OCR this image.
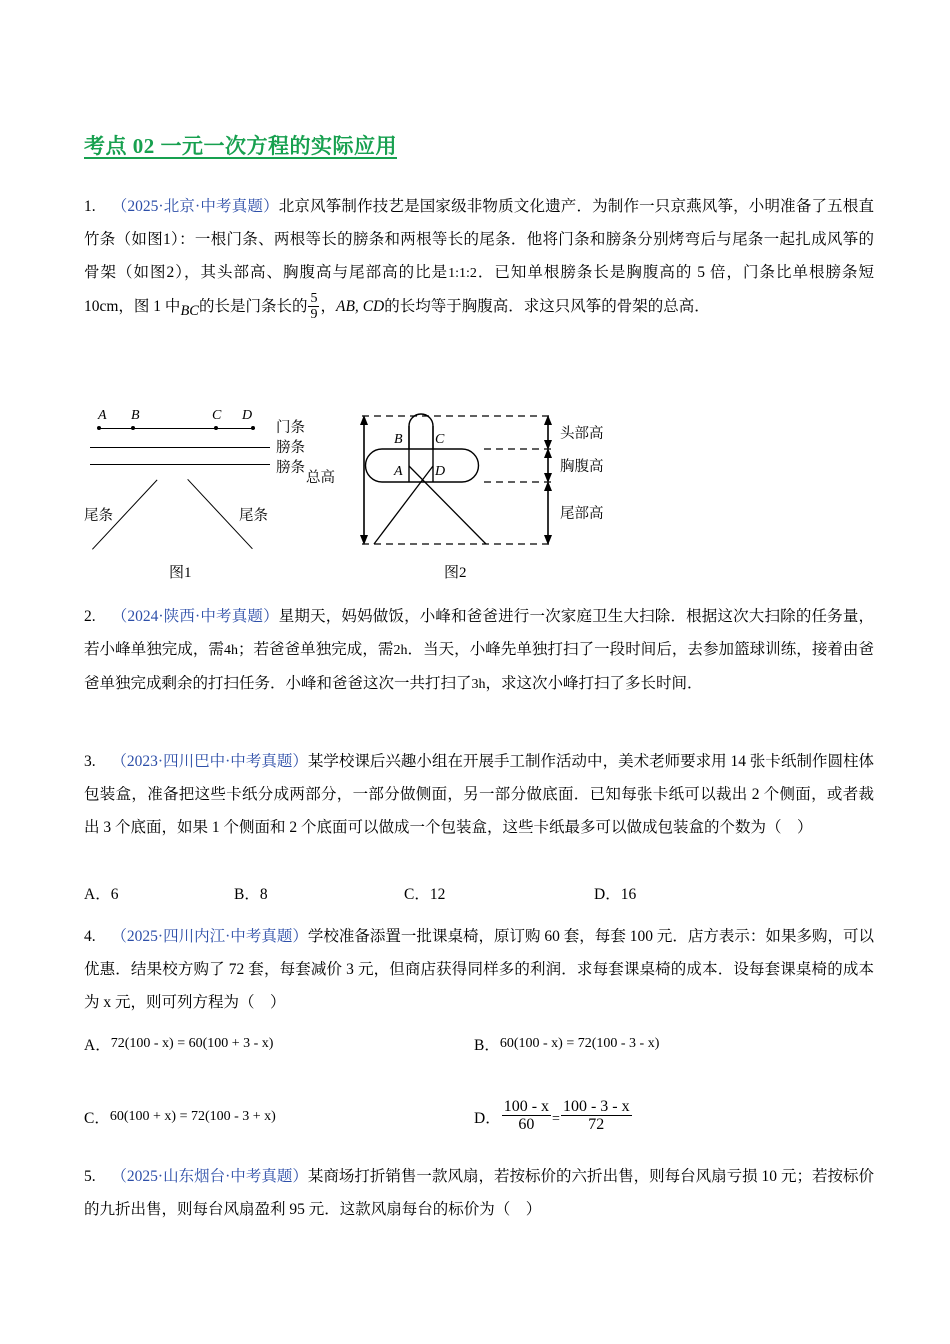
考点 02 一元一次方程的实际应用
1. （2025·北京·中考真题）北京风筝制作技艺是国家级非物质文化遗产．为制作一只京燕风筝，小明准备了五根直竹条（如图1）：一根门条、两根等长的膀条和两根等长的尾条．他将门条和膀条分别烤弯后与尾条一起扎成风筝的骨架（如图2），其头部高、胸腹高与尾部高的比是1:1:2．已知单根膀条长是胸腹高的 5 倍，门条比单根膀条短 10cm，图 1 中BC的长是门条长的 $\frac{5}{9}$ ，AB, CD的长均等于胸腹高．求这只风筝的骨架的总高．
A B	C D
门条
膀条
膀条
尾条	尾条
图1
B C
A D
总高
头部高
胸腹高
尾部高
图2
2. （2024·陕西·中考真题）星期天，妈妈做饭，小峰和爸爸进行一次家庭卫生大扫除．根据这次大扫除的任务量，若小峰单独完成，需4h；若爸爸单独完成，需2h．当天，小峰先单独打扫了一段时间后，去参加篮球训练，接着由爸爸单独完成剩余的打扫任务．小峰和爸爸这次一共打扫了3h，求这次小峰打扫了多长时间．
3. （2023·四川巴中·中考真题）某学校课后兴趣小组在开展手工制作活动中，美术老师要求用 14 张卡纸制作圆柱体包装盒，准备把这些卡纸分成两部分，一部分做侧面，另一部分做底面．已知每张卡纸可以裁出 2 个侧面，或者裁出 3 个底面，如果 1 个侧面和 2 个底面可以做成一个包装盒，这些卡纸最多可以做成包装盒的个数为（　）
A．6	B．8	C．12	D．16
4. （2025·四川内江·中考真题）学校准备添置一批课桌椅，原订购 60 套，每套 100 元．店方表示：如果多购，可以优惠．结果校方购了 72 套，每套减价 3 元，但商店获得同样多的利润．求每套课桌椅的成本．设每套课桌椅的成本为 x 元，则可列方程为（　）
A．72(100 - x) = 60(100 + 3 - x)	B．60(100 - x) = 72(100 - 3 - x)
C．60(100 + x) = 72(100 - 3 + x)	D． $\frac{100 - x}{60} = \frac{100 - 3 - x}{72}$
5. （2025·山东烟台·中考真题）某商场打折销售一款风扇，若按标价的六折出售，则每台风扇亏损 10 元；若按标价的九折出售，则每台风扇盈利 95 元．这款风扇每台的标价为（　）
